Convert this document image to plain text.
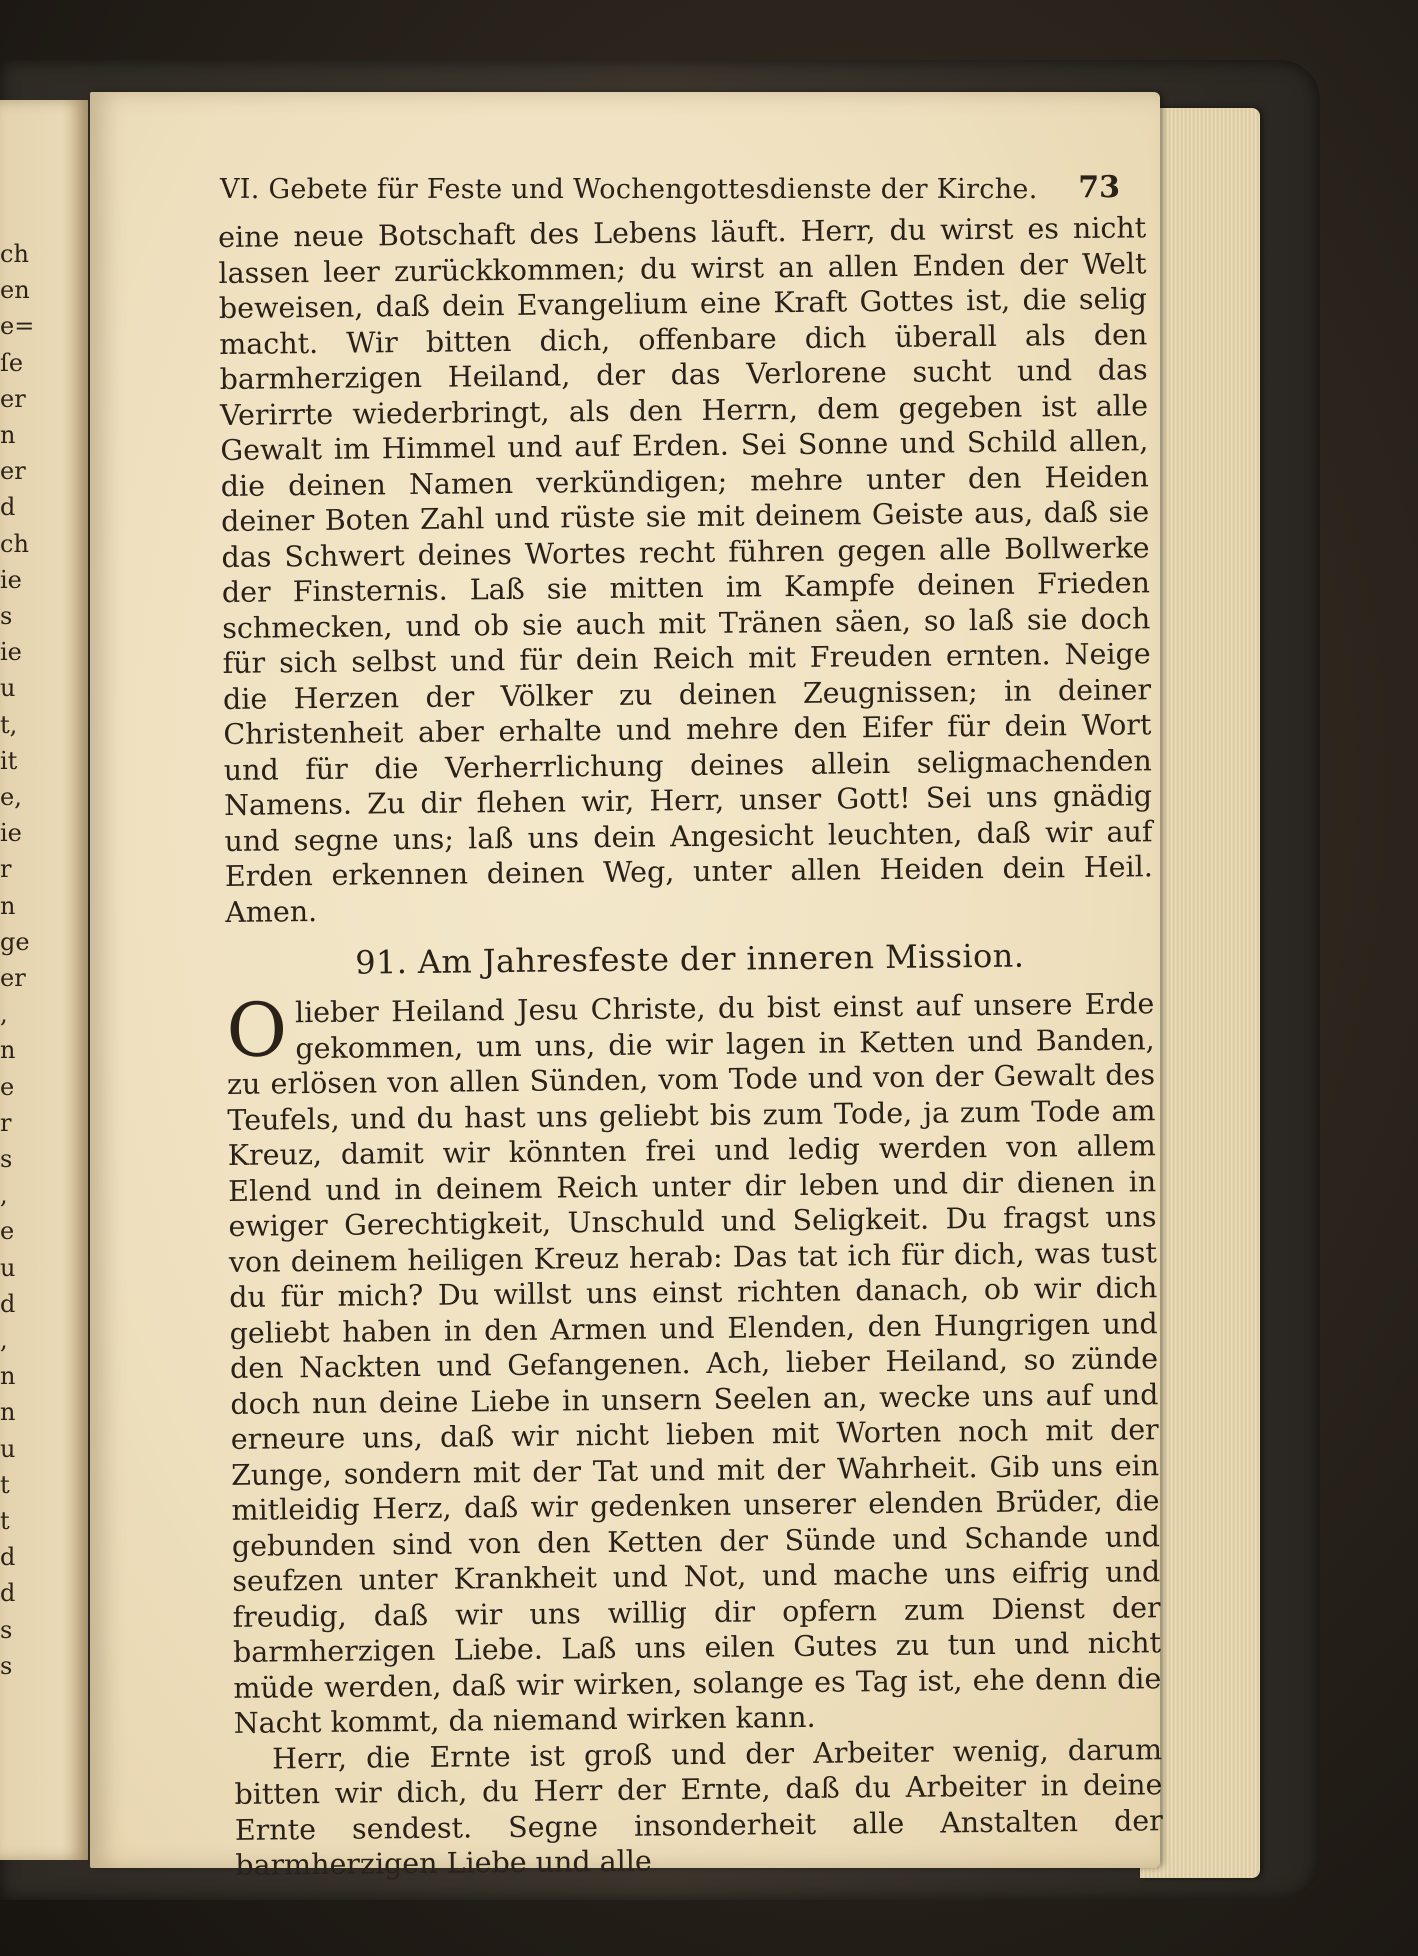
ch
en
e=
ſe
er
n
er
d
ch
ie
s
ie
u
t,
it
e,
ie
r
n
ge
er
,
n
e
r
s
,
e
u
d
,
n
n
u
t
t
d
d
s
s
VI. Gebete für Feste und Wochengottesdienste der Kirche. 73

eine neue Botschaft des Lebens läuft. Herr, du wirst es nicht lassen leer zurückkommen; du wirst an allen Enden der Welt beweisen, daß dein Evangelium eine Kraft Gottes ist, die selig macht. Wir bitten dich, offenbare dich überall als den barmherzigen Heiland, der das Verlorene sucht und das Verirrte wiederbringt, als den Herrn, dem gegeben ist alle Gewalt im Himmel und auf Erden. Sei Sonne und Schild allen, die deinen Namen verkündigen; mehre unter den Heiden deiner Boten Zahl und rüste sie mit deinem Geiste aus, daß sie das Schwert deines Wortes recht führen gegen alle Bollwerke der Finsternis. Laß sie mitten im Kampfe deinen Frieden schmecken, und ob sie auch mit Tränen säen, so laß sie doch für sich selbst und für dein Reich mit Freuden ernten. Neige die Herzen der Völker zu deinen Zeugnissen; in deiner Christenheit aber erhalte und mehre den Eifer für dein Wort und für die Verherrlichung deines allein seligmachenden Namens. Zu dir flehen wir, Herr, unser Gott! Sei uns gnädig und segne uns; laß uns dein Angesicht leuchten, daß wir auf Erden erkennen deinen Weg, unter allen Heiden dein Heil. Amen.

91. Am Jahresfeste der inneren Mission.

Olieber Heiland Jesu Christe, du bist einst auf unsere Erde gekommen, um uns, die wir lagen in Ketten und Banden, zu erlösen von allen Sünden, vom Tode und von der Gewalt des Teufels, und du hast uns geliebt bis zum Tode, ja zum Tode am Kreuz, damit wir könnten frei und ledig werden von allem Elend und in deinem Reich unter dir leben und dir dienen in ewiger Gerechtigkeit, Unschuld und Seligkeit. Du fragst uns von deinem heiligen Kreuz herab: Das tat ich für dich, was tust du für mich? Du willst uns einst richten danach, ob wir dich geliebt haben in den Armen und Elenden, den Hungrigen und den Nackten und Gefangenen. Ach, lieber Heiland, so zünde doch nun deine Liebe in unsern Seelen an, wecke uns auf und erneure uns, daß wir nicht lieben mit Worten noch mit der Zunge, sondern mit der Tat und mit der Wahrheit. Gib uns ein mitleidig Herz, daß wir gedenken unserer elenden Brüder, die gebunden sind von den Ketten der Sünde und Schande und seufzen unter Krankheit und Not, und mache uns eifrig und freudig, daß wir uns willig dir opfern zum Dienst der barmherzigen Liebe. Laß uns eilen Gutes zu tun und nicht müde werden, daß wir wirken, solange es Tag ist, ehe denn die Nacht kommt, da niemand wirken kann.

Herr, die Ernte ist groß und der Arbeiter wenig, darum bitten wir dich, du Herr der Ernte, daß du Arbeiter in deine Ernte sendest. Segne insonderheit alle Anstalten der barmherzigen Liebe und alle
